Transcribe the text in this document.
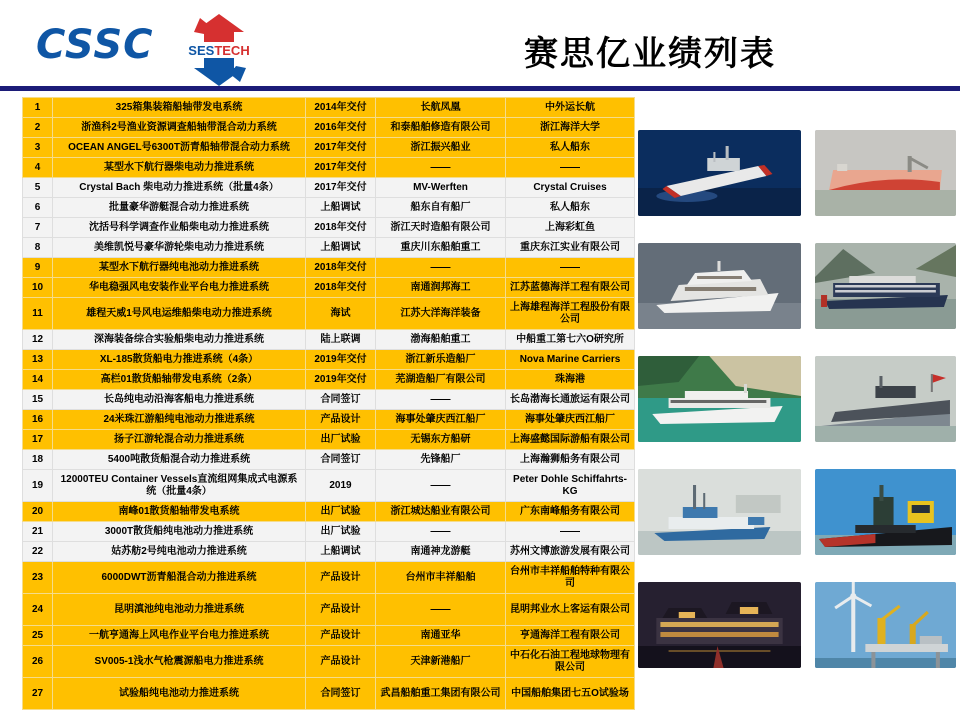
CSSC	SESTECH	赛思亿业绩列表
1	325箱集装箱船轴带发电系统	2014年交付	长航凤凰	中外运长航
2	浙渔科2号渔业资源调查船轴带混合动力系统	2016年交付	和泰船舶修造有限公司	浙江海洋大学
3	OCEAN ANGEL号6300T沥青船轴带混合动力系统	2017年交付	浙江振兴船业	私人船东
4	某型水下航行器柴电动力推进系统	2017年交付	——	——
5	Crystal Bach 柴电动力推进系统（批量4条）	2017年交付	MV-Werften	Crystal Cruises
6	批量豪华游艇混合动力推进系统	上船调试	船东自有船厂	私人船东
7	沈括号科学调查作业船柴电动力推进系统	2018年交付	浙江天时造船有限公司	上海彩虹鱼
8	美维凯悦号豪华游轮柴电动力推进系统	上船调试	重庆川东船舶重工	重庆东江实业有限公司
9	某型水下航行器纯电池动力推进系统	2018年交付	——	——
10	华电稳强风电安装作业平台电力推进系统	2018年交付	南通润邦海工	江苏蓝德海洋工程有限公司
11	雄程天威1号风电运维船柴电动力推进系统	海试	江苏大洋海洋装备	上海雄程海洋工程股份有限公司
12	深海装备综合实验船柴电动力推进系统	陆上联调	渤海船舶重工	中船重工第七六O研究所
13	XL-185散货船电力推进系统（4条）	2019年交付	浙江新乐造船厂	Nova Marine Carriers
14	高栏01散货船轴带发电系统（2条）	2019年交付	芜湖造船厂有限公司	珠海港
15	长岛纯电动沿海客船电力推进系统	合同签订	——	长岛渤海长通旅运有限公司
16	24米珠江游船纯电池动力推进系统	产品设计	海事处肇庆西江船厂	海事处肇庆西江船厂
17	扬子江游轮混合动力推进系统	出厂试验	无锡东方船研	上海盛懿国际游船有限公司
18	5400吨散货船混合动力推进系统	合同签订	先锋船厂	上海瀚狮船务有限公司
19	12000TEU Container Vessels直流组网集成式电源系统（批量4条）	2019	——	Peter Dohle Schiffahrts-KG
20	南峰01散货船轴带发电系统	出厂试验	浙江城达船业有限公司	广东南峰船务有限公司
21	3000T散货船纯电池动力推进系统	出厂试验	——	——
22	姑苏舫2号纯电池动力推进系统	上船调试	南通神龙游艇	苏州文博旅游发展有限公司
23	6000DWT沥青船混合动力推进系统	产品设计	台州市丰祥船舶	台州市丰祥船舶特种有限公司
24	昆明滇池纯电池动力推进系统	产品设计	——	昆明邦业水上客运有限公司
25	一航亨通海上风电作业平台电力推进系统	产品设计	南通亚华	亨通海洋工程有限公司
26	SV005-1浅水气枪震源船电力推进系统	产品设计	天津新港船厂	中石化石油工程地球物理有限公司
27	试验船纯电池动力推进系统	合同签订	武昌船舶重工集团有限公司	中国船舶集团七五O试验场
